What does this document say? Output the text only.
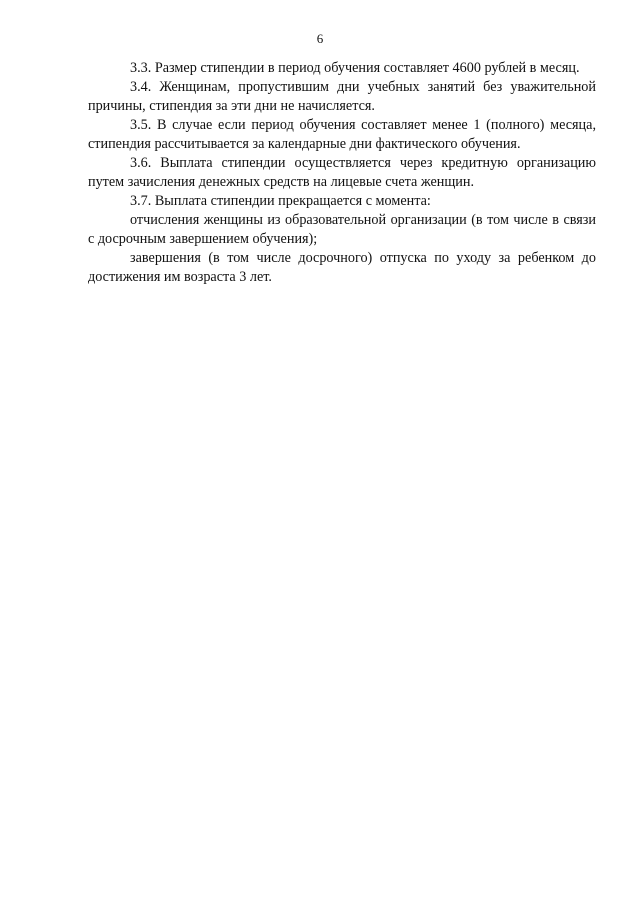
6

3.3. Размер стипендии в период обучения составляет 4600 рублей в месяц.

3.4. Женщинам, пропустившим дни учебных занятий без уважительной причины, стипендия за эти дни не начисляется.

3.5. В случае если период обучения составляет менее 1 (полного) месяца, стипендия рассчитывается за календарные дни фактического обучения.

3.6. Выплата стипендии осуществляется через кредитную организацию путем зачисления денежных средств на лицевые счета женщин.

3.7. Выплата стипендии прекращается с момента:

отчисления женщины из образовательной организации (в том числе в связи с досрочным завершением обучения);

завершения (в том числе досрочного) отпуска по уходу за ребенком до достижения им возраста 3 лет.
